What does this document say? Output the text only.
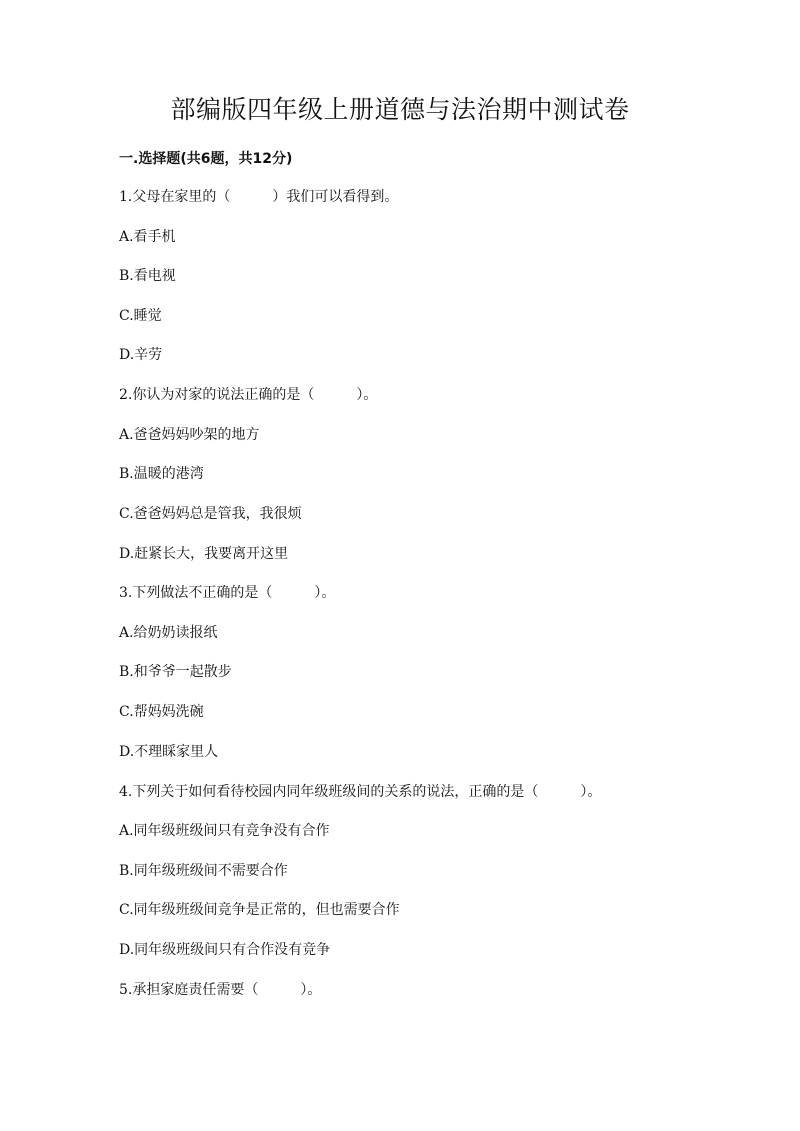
部编版四年级上册道德与法治期中测试卷
一.选择题(共6题，共12分)
1.父母在家里的（　　　）我们可以看得到。
A.看手机
B.看电视
C.睡觉
D.辛劳
2.你认为对家的说法正确的是（　　　）。
A.爸爸妈妈吵架的地方
B.温暖的港湾
C.爸爸妈妈总是管我，我很烦
D.赶紧长大，我要离开这里
3.下列做法不正确的是（　　　）。
A.给奶奶读报纸
B.和爷爷一起散步
C.帮妈妈洗碗
D.不理睬家里人
4.下列关于如何看待校园内同年级班级间的关系的说法，正确的是（　　　）。
A.同年级班级间只有竞争没有合作
B.同年级班级间不需要合作
C.同年级班级间竞争是正常的，但也需要合作
D.同年级班级间只有合作没有竞争
5.承担家庭责任需要（　　　）。
